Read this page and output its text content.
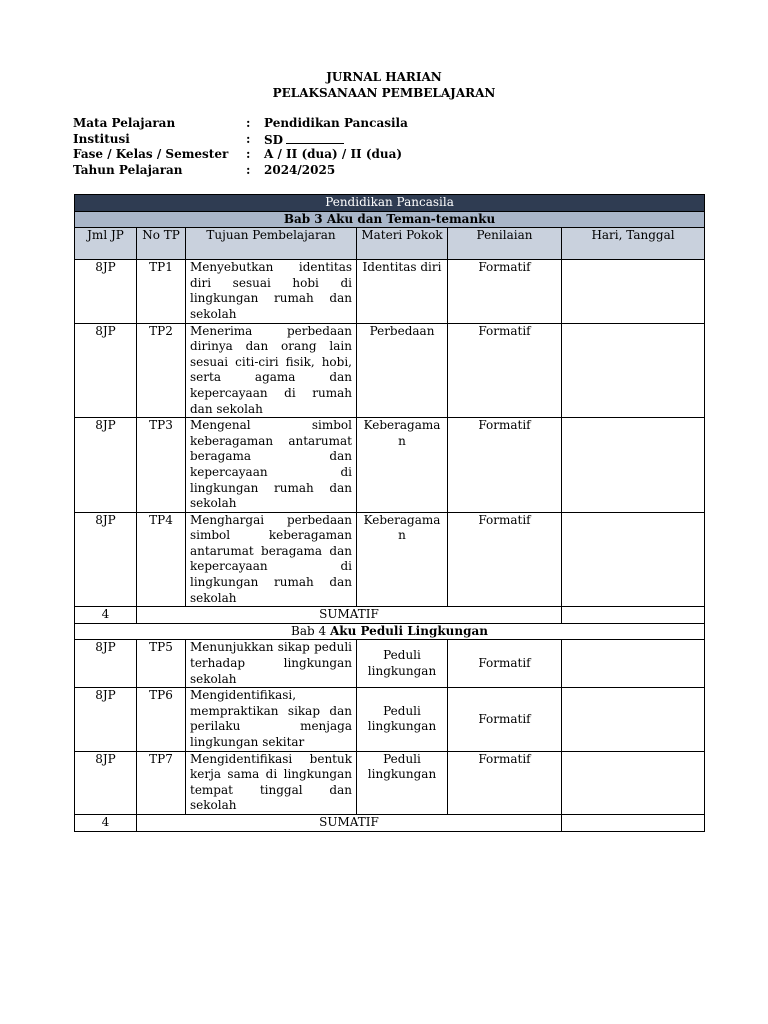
JURNAL HARIAN
PELAKSANAAN PEMBELAJARAN
Mata Pelajaran	:	Pendidikan Pancasila
Institusi	:	SD
Fase / Kelas / Semester	:	A / II (dua) / II (dua)
Tahun Pelajaran	:	2024/2025
Pendidikan Pancasila					
Bab 3 Aku dan Teman-temanku					
Jml JP	No TP	Tujuan Pembelajaran	Materi Pokok	Penilaian	Hari, Tanggal
8JP	TP1	Menyebutkan identitas diri sesuai hobi di lingkungan rumah dan sekolah	Identitas diri	Formatif	
8JP	TP2	Menerima perbedaan dirinya dan orang lain sesuai citi-ciri fisik, hobi, serta agama dan kepercayaan di rumah dan sekolah	Perbedaan	Formatif	
8JP	TP3	Mengenal simbol keberagaman antarumat beragama dan kepercayaan di lingkungan rumah dan sekolah	Keberagaman	Formatif	
8JP	TP4	Menghargai perbedaan simbol keberagaman antarumat beragama dan kepercayaan di lingkungan rumah dan sekolah	Keberagaman	Formatif	
4	SUMATIF				
Bab 4 Aku Peduli Lingkungan					
8JP	TP5	Menunjukkan sikap peduli terhadap lingkungan sekolah	Peduli lingkungan	Formatif	
8JP	TP6	Mengidentifikasi, mempraktikan sikap dan perilaku menjaga lingkungan sekitar	Peduli lingkungan	Formatif	
8JP	TP7	Mengidentifikasi bentuk kerja sama di lingkungan tempat tinggal dan sekolah	Peduli lingkungan	Formatif	
4	SUMATIF				
